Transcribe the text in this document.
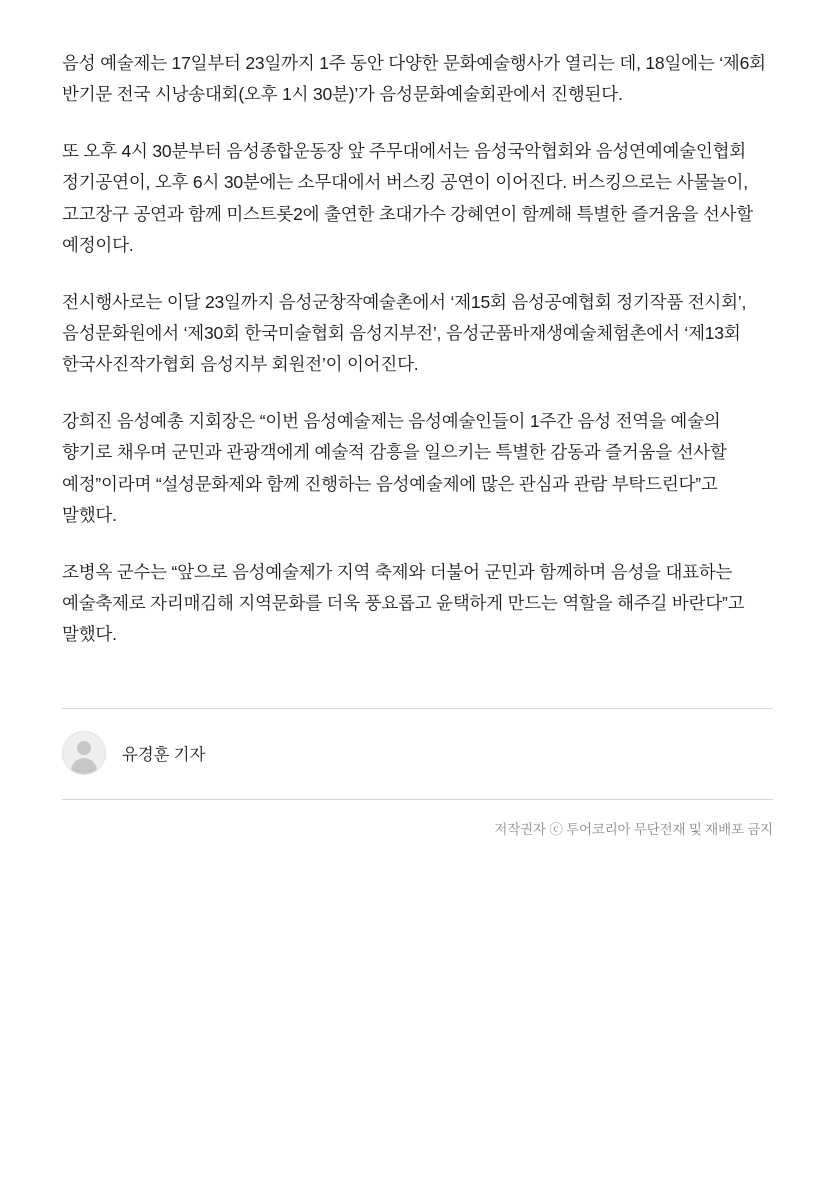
음성 예술제는 17일부터 23일까지 1주 동안 다양한 문화예술행사가 열리는 데, 18일에는 ‘제6회 반기문 전국 시낭송대회(오후 1시 30분)’가 음성문화예술회관에서 진행된다.

또 오후 4시 30분부터 음성종합운동장 앞 주무대에서는 음성국악협회와 음성연예예술인협회 정기공연이, 오후 6시 30분에는 소무대에서 버스킹 공연이 이어진다. 버스킹으로는 사물놀이, 고고장구 공연과 함께 미스트롯2에 출연한 초대가수 강혜연이 함께해 특별한 즐거움을 선사할 예정이다.

전시행사로는 이달 23일까지 음성군창작예술촌에서 ‘제15회 음성공예협회 정기작품 전시회’, 음성문화원에서 ‘제30회 한국미술협회 음성지부전’, 음성군품바재생예술체험촌에서 ‘제13회 한국사진작가협회 음성지부 회원전’이 이어진다.

강희진 음성예총 지회장은 “이번 음성예술제는 음성예술인들이 1주간 음성 전역을 예술의 향기로 채우며 군민과 관광객에게 예술적 감흥을 일으키는 특별한 감동과 즐거움을 선사할 예정”이라며 “설성문화제와 함께 진행하는 음성예술제에 많은 관심과 관람 부탁드린다”고 말했다.

조병옥 군수는 “앞으로 음성예술제가 지역 축제와 더불어 군민과 함께하며 음성을 대표하는 예술축제로 자리매김해 지역문화를 더욱 풍요롭고 윤택하게 만드는 역할을 해주길 바란다”고 말했다.

유경훈 기자
저작권자 ⓒ 투어코리아 무단전재 및 재배포 금지
